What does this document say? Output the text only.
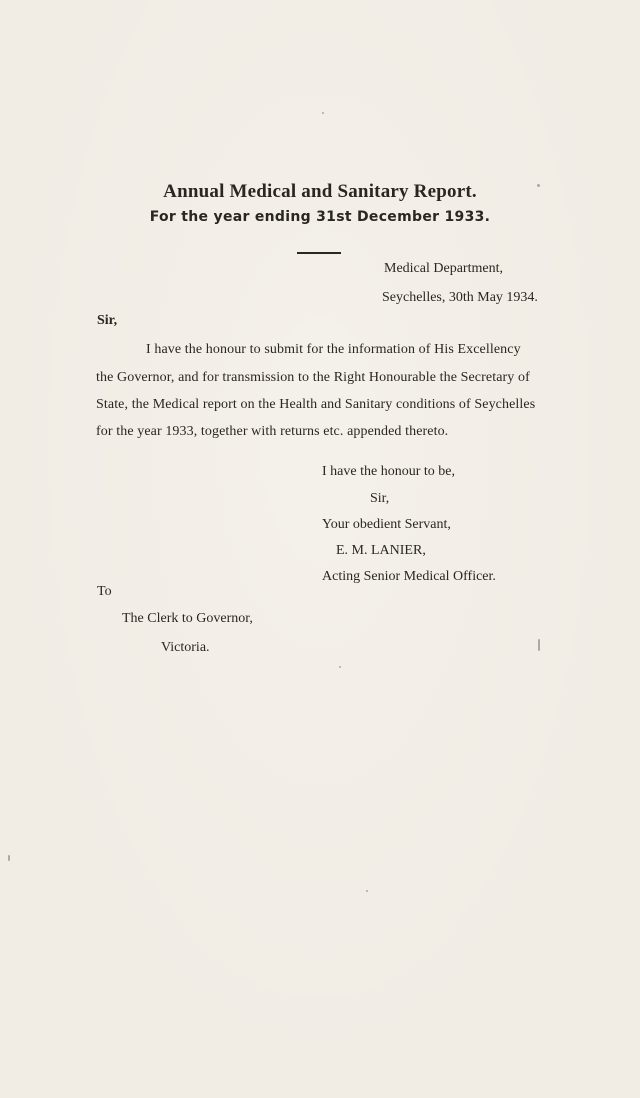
Annual Medical and Sanitary Report.
For the year ending 31st December 1933.
Medical Department,
Seychelles, 30th May 1934.
Sir,
I have the honour to submit for the information of His Excellency
the Governor, and for transmission to the Right Honourable the Secretary of
State, the Medical report on the Health and Sanitary conditions of Seychelles
for the year 1933, together with returns etc. appended thereto.
I have the honour to be,
Sir,
Your obedient Servant,
E. M. LANIER,
Acting Senior Medical Officer.
To
The Clerk to Governor,
Victoria.
